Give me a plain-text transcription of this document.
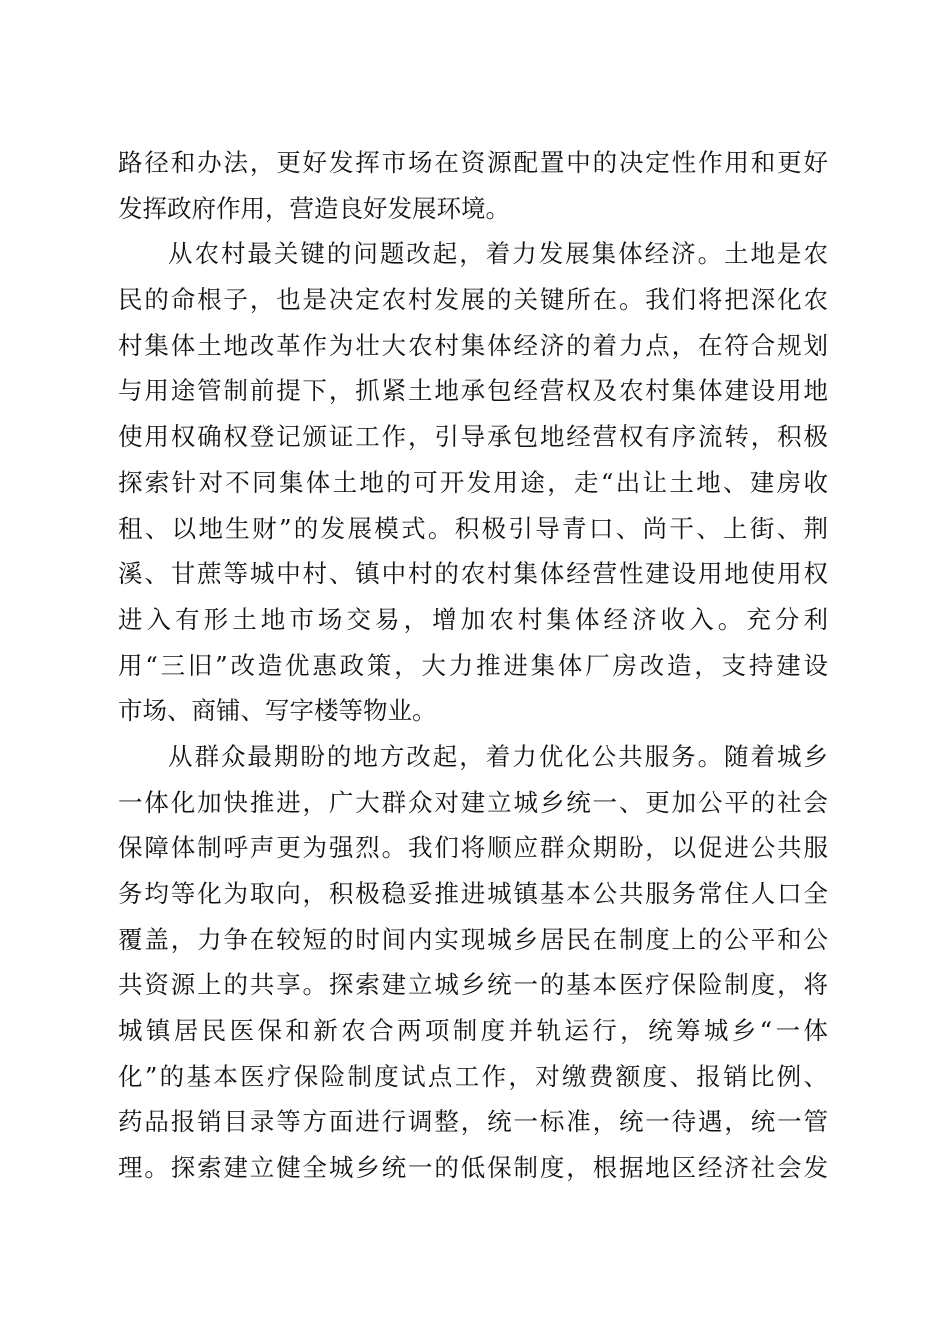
路径和办法，更好发挥市场在资源配置中的决定性作用和更好
发挥政府作用，营造良好发展环境。
从农村最关键的问题改起，着力发展集体经济。土地是农
民的命根子，也是决定农村发展的关键所在。我们将把深化农
村集体土地改革作为壮大农村集体经济的着力点，在符合规划
与用途管制前提下，抓紧土地承包经营权及农村集体建设用地
使用权确权登记颁证工作，引导承包地经营权有序流转，积极
探索针对不同集体土地的可开发用途，走“出让土地、建房收
租、以地生财”的发展模式。积极引导青口、尚干、上街、荆
溪、甘蔗等城中村、镇中村的农村集体经营性建设用地使用权
进入有形土地市场交易，增加农村集体经济收入。充分利
用“三旧”改造优惠政策，大力推进集体厂房改造，支持建设
市场、商铺、写字楼等物业。
从群众最期盼的地方改起，着力优化公共服务。随着城乡
一体化加快推进，广大群众对建立城乡统一、更加公平的社会
保障体制呼声更为强烈。我们将顺应群众期盼，以促进公共服
务均等化为取向，积极稳妥推进城镇基本公共服务常住人口全
覆盖，力争在较短的时间内实现城乡居民在制度上的公平和公
共资源上的共享。探索建立城乡统一的基本医疗保险制度，将
城镇居民医保和新农合两项制度并轨运行，统筹城乡“一体
化”的基本医疗保险制度试点工作，对缴费额度、报销比例、
药品报销目录等方面进行调整，统一标准，统一待遇，统一管
理。探索建立健全城乡统一的低保制度，根据地区经济社会发
